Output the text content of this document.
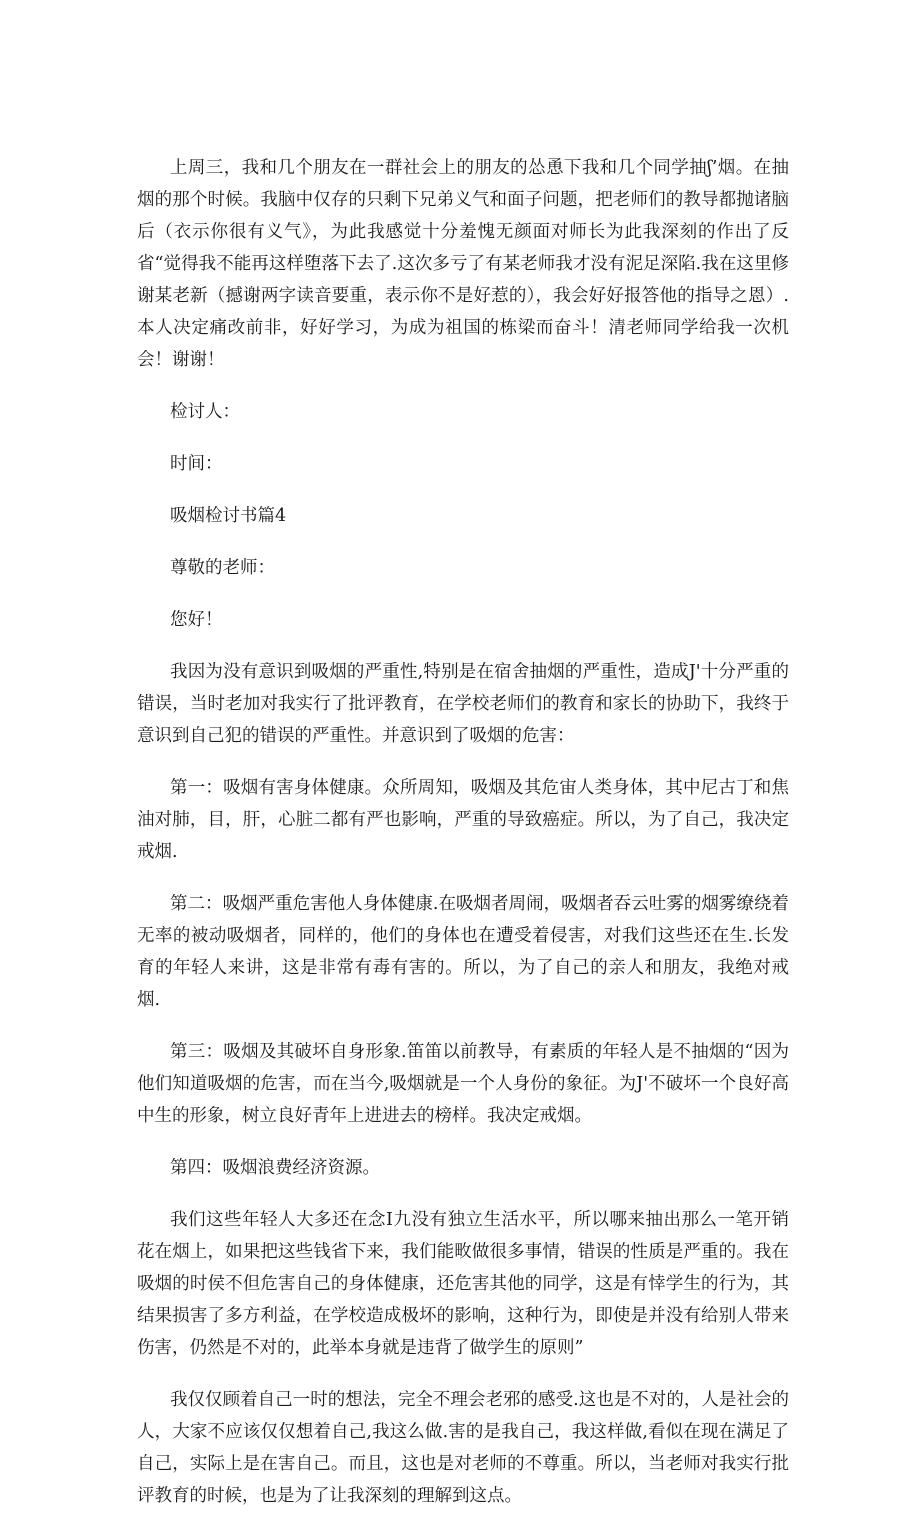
上周三，我和几个朋友在一群社会上的朋友的怂恿下我和几个同学抽ʃ’烟。在抽烟的那个时候。我脑中仅存的只剩下兄弟义气和面子问题，把老师们的教导都抛诸脑后（衣示你很有义气》，为此我感觉十分羞愧无颜面对师长为此我深刻的作出了反省“觉得我不能再这样堕落下去了.这次多亏了有某老师我才没有泥足深陷.我在这里修谢某老新（撼谢两字读音要重，表示你不是好惹的），我会好好报答他的指导之恩）.本人决定痛改前非，好好学习，为成为祖国的栋梁而奋斗！清老师同学给我一次机会！谢谢！

检讨人：

时间：

吸烟检讨书篇4

尊敬的老师：

您好！

我因为没有意识到吸烟的严重性,特别是在宿舍抽烟的严重性，造成J'十分严重的错误，当时老加对我实行了批评教育，在学校老师们的教育和家长的协助下，我终于意识到自己犯的错误的严重性。并意识到了吸烟的危害：

第一：吸烟有害身体健康。众所周知，吸烟及其危宙人类身体，其中尼古丁和焦油对肺，目，肝，心脏二都有严也影响，严重的导致癌症。所以，为了自己，我决定戒烟.

第二：吸烟严重危害他人身体健康.在吸烟者周闹，吸烟者吞云吐雾的烟雾缭绕着无率的被动吸烟者，同样的，他们的身体也在遭受着侵害，对我们这些还在生.长发育的年轻人来讲，这是非常有毒有害的。所以，为了自己的亲人和朋友，我绝对戒烟.

第三：吸烟及其破坏自身形象.笛笛以前教导，有素质的年轻人是不抽烟的“因为他们知道吸烟的危害，而在当今,吸烟就是一个人身份的象征。为J'不破坏一个良好高中生的形象，树立良好青年上进进去的榜样。我决定戒烟。

第四：吸烟浪费经济资源。

我们这些年轻人大多还在念I九没有独立生活水平，所以哪来抽出那么一笔开销花在烟上，如果把这些钱省下来，我们能畋做很多事情，错误的性质是严重的。我在吸烟的时侯不但危害自己的身体健康，还危害其他的同学，这是有悻学生的行为，其结果损害了多方利益，在学校造成极坏的影响，这种行为，即使是并没有给别人带来伤害，仍然是不对的，此举本身就是违背了做学生的原则”

我仅仅顾着自己一时的想法，完全不理会老邪的感受.这也是不对的，人是社会的人，大家不应该仅仅想着自己,我这么做.害的是我自己，我这样做,看似在现在满足了自己，实际上是在害自己。而且，这也是对老师的不尊重。所以，当老师对我实行批评教育的时候，也是为了让我深刻的理解到这点。
